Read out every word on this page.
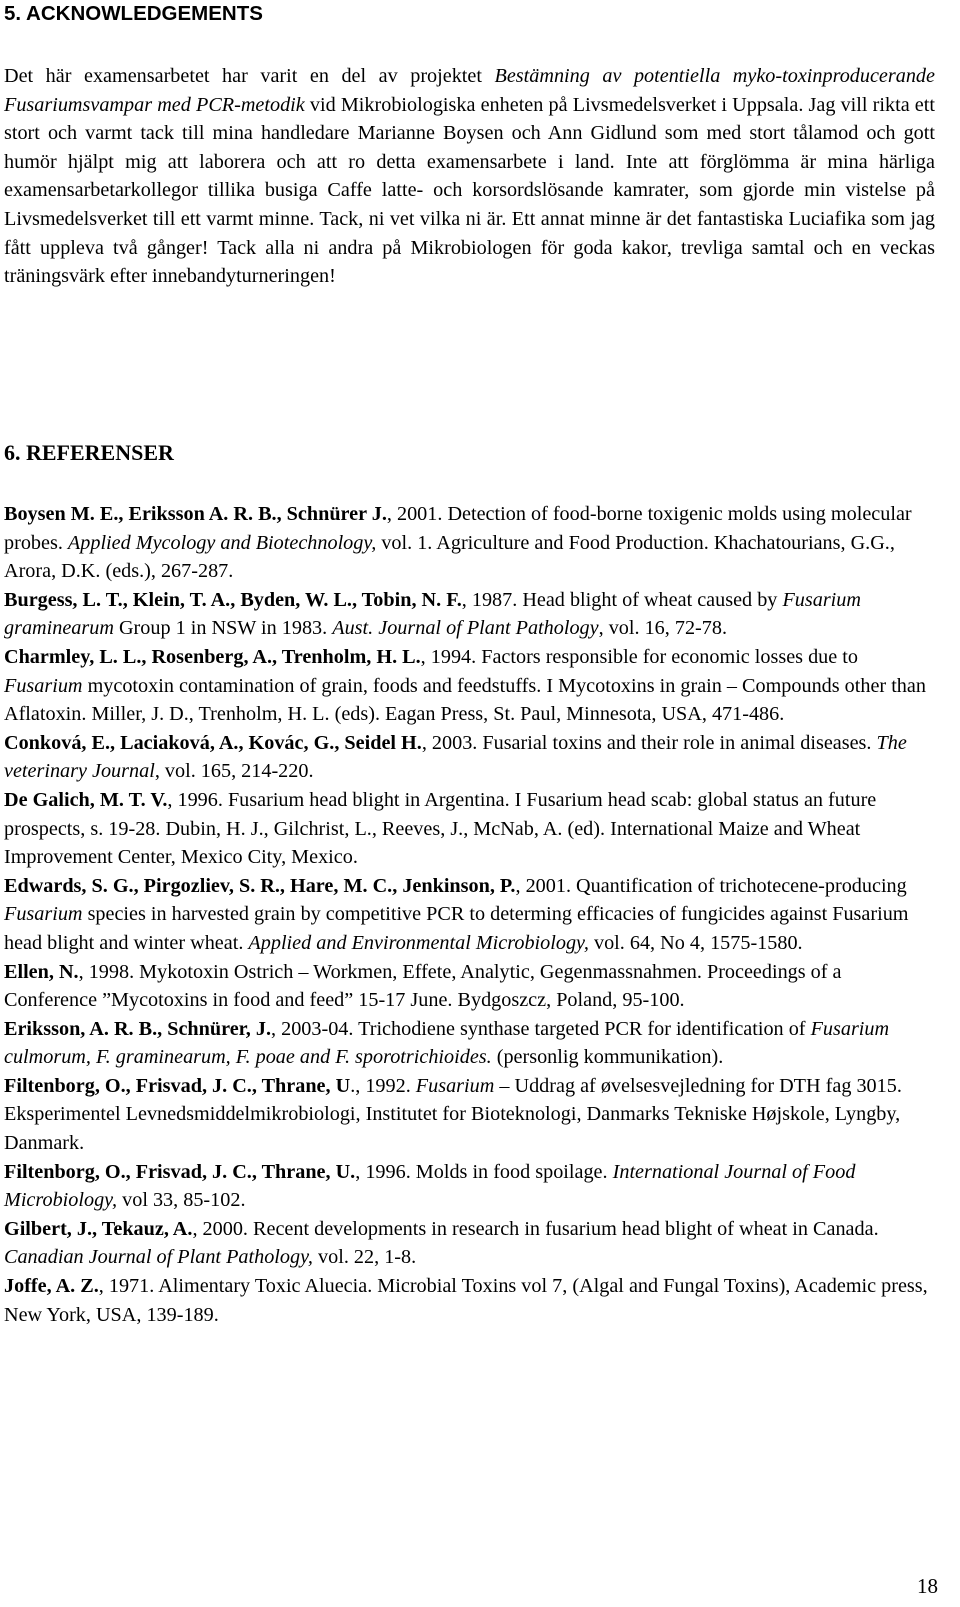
5. ACKNOWLEDGEMENTS

Det här examensarbetet har varit en del av projektet Bestämning av potentiella myko-toxinproducerande Fusariumsvampar med PCR-metodik vid Mikrobiologiska enheten på Livsmedelsverket i Uppsala. Jag vill rikta ett stort och varmt tack till mina handledare Marianne Boysen och Ann Gidlund som med stort tålamod och gott humör hjälpt mig att laborera och att ro detta examensarbete i land. Inte att förglömma är mina härliga examensarbetarkollegor tillika busiga Caffe latte- och korsordslösande kamrater, som gjorde min vistelse på Livsmedelsverket till ett varmt minne. Tack, ni vet vilka ni är. Ett annat minne är det fantastiska Luciafika som jag fått uppleva två gånger! Tack alla ni andra på Mikrobiologen för goda kakor, trevliga samtal och en veckas träningsvärk efter innebandyturneringen!

6. REFERENSER

Boysen M. E., Eriksson A. R. B., Schnürer J., 2001. Detection of food-borne toxigenic molds using molecular probes. Applied Mycology and Biotechnology, vol. 1. Agriculture and Food Production. Khachatourians, G.G., Arora, D.K. (eds.), 267-287.

Burgess, L. T., Klein, T. A., Byden, W. L., Tobin, N. F., 1987. Head blight of wheat caused by Fusarium graminearum Group 1 in NSW in 1983. Aust. Journal of Plant Pathology, vol. 16, 72-78.

Charmley, L. L., Rosenberg, A., Trenholm, H. L., 1994. Factors responsible for economic losses due to Fusarium mycotoxin contamination of grain, foods and feedstuffs. I Mycotoxins in grain – Compounds other than Aflatoxin. Miller, J. D., Trenholm, H. L. (eds). Eagan Press, St. Paul, Minnesota, USA, 471-486.

Conková, E., Laciaková, A., Kovác, G., Seidel H., 2003. Fusarial toxins and their role in animal diseases. The veterinary Journal, vol. 165, 214-220.

De Galich, M. T. V., 1996. Fusarium head blight in Argentina. I Fusarium head scab: global status an future prospects, s. 19-28. Dubin, H. J., Gilchrist, L., Reeves, J., McNab, A. (ed). International Maize and Wheat Improvement Center, Mexico City, Mexico.

Edwards, S. G., Pirgozliev, S. R., Hare, M. C., Jenkinson, P., 2001. Quantification of trichotecene-producing Fusarium species in harvested grain by competitive PCR to determing efficacies of fungicides against Fusarium head blight and winter wheat. Applied and Environmental Microbiology, vol. 64, No 4, 1575-1580.

Ellen, N., 1998. Mykotoxin Ostrich – Workmen, Effete, Analytic, Gegenmassnahmen. Proceedings of a Conference ”Mycotoxins in food and feed” 15-17 June. Bydgoszcz, Poland, 95-100.

Eriksson, A. R. B., Schnürer, J., 2003-04. Trichodiene synthase targeted PCR for identification of Fusarium culmorum, F. graminearum, F. poae and F. sporotrichioides. (personlig kommunikation).

Filtenborg, O., Frisvad, J. C., Thrane, U., 1992. Fusarium – Uddrag af øvelsesvejledning for DTH fag 3015. Eksperimentel Levnedsmiddelmikrobiologi, Institutet for Bioteknologi, Danmarks Tekniske Højskole, Lyngby, Danmark.

Filtenborg, O., Frisvad, J. C., Thrane, U., 1996. Molds in food spoilage. International Journal of Food Microbiology, vol 33, 85-102.

Gilbert, J., Tekauz, A., 2000. Recent developments in research in fusarium head blight of wheat in Canada. Canadian Journal of Plant Pathology, vol. 22, 1-8.

Joffe, A. Z., 1971. Alimentary Toxic Aluecia. Microbial Toxins vol 7, (Algal and Fungal Toxins), Academic press, New York, USA, 139-189.

18
